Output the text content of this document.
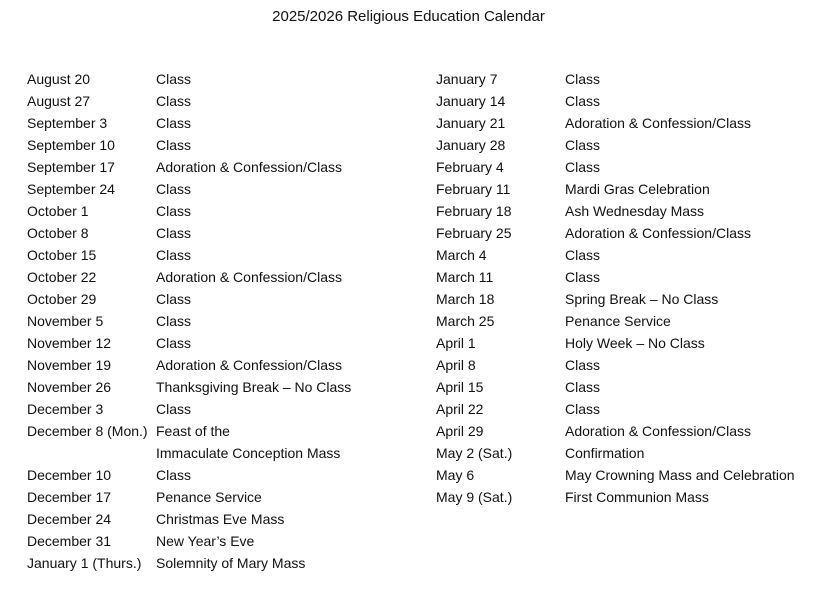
2025/2026 Religious Education Calendar
August 20	Class
August 27	Class
September 3	Class
September 10	Class
September 17	Adoration & Confession/Class
September 24	Class
October 1	Class
October 8	Class
October 15	Class
October 22	Adoration & Confession/Class
October 29	Class
November 5	Class
November 12	Class
November 19	Adoration & Confession/Class
November 26	Thanksgiving Break – No Class
December 3	Class
December 8 (Mon.) Feast of the
Immaculate Conception Mass
December 10	Class
December 17	Penance Service
December 24	Christmas Eve Mass
December 31	New Year’s Eve
January 1 (Thurs.)	Solemnity of Mary Mass
January 7	Class
January 14	Class
January 21	Adoration & Confession/Class
January 28	Class
February 4	Class
February 11	Mardi Gras Celebration
February 18	Ash Wednesday Mass
February 25	Adoration & Confession/Class
March 4	Class
March 11	Class
March 18	Spring Break – No Class
March 25	Penance Service
April 1	Holy Week – No Class
April 8	Class
April 15	Class
April 22	Class
April 29	Adoration & Confession/Class
May 2 (Sat.)	Confirmation
May 6	May Crowning Mass and Celebration
May 9 (Sat.)	First Communion Mass
